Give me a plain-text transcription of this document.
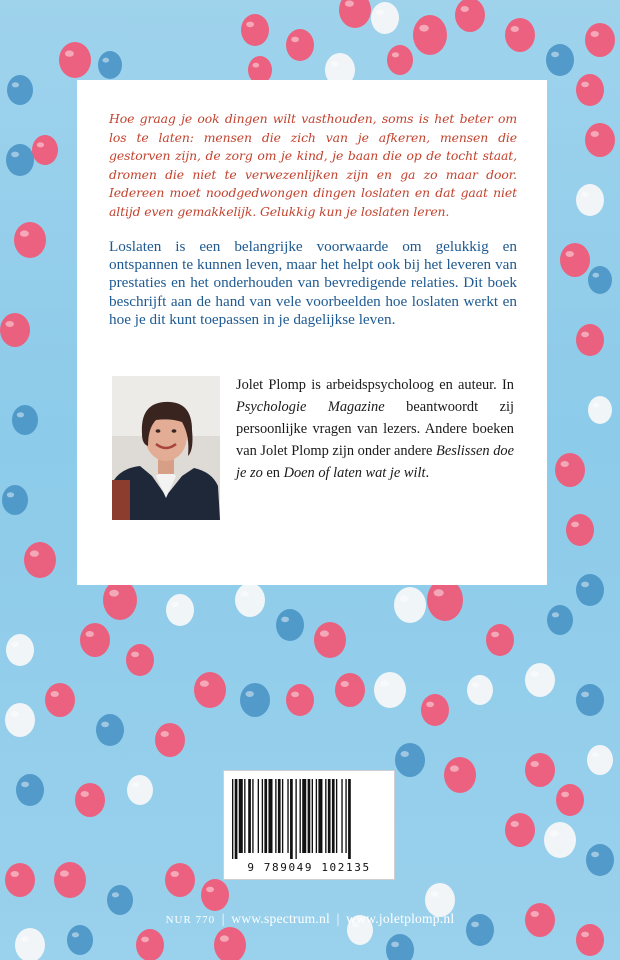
Hoe graag je ook dingen wilt vasthouden, soms is het beter om los te laten: mensen die zich van je afkeren, mensen die gestorven zijn, de zorg om je kind, je baan die op de tocht staat, dromen die niet te verwezenlijken zijn en ga zo maar door. Iedereen moet noodgedwongen dingen loslaten en dat gaat niet altijd even gemakkelijk. Gelukkig kun je loslaten leren.

Loslaten is een belangrijke voorwaarde om gelukkig en ontspannen te kunnen leven, maar het helpt ook bij het leveren van prestaties en het onderhouden van bevredigende relaties. Dit boek beschrijft aan de hand van vele voorbeelden hoe loslaten werkt en hoe je dit kunt toepassen in je dagelijkse leven.

Jolet Plomp is arbeidspsycholoog en auteur. In Psychologie Magazine beantwoordt zij persoonlijke vragen van lezers. Andere boeken van Jolet Plomp zijn onder andere Beslissen doe je zo en Doen of laten wat je wilt.

9 789049 102135
NUR 770 | www.spectrum.nl | www.joletplomp.nl
